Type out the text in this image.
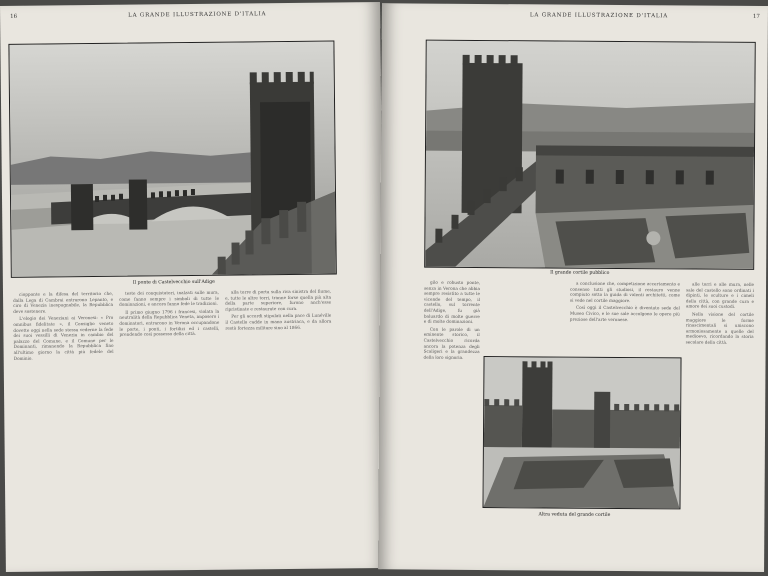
16	LA GRANDE ILLUSTRAZIONE D'ITALIA
Il ponte di Castelvecchio sull'Adige

ciopponte e la difesa del territorio che, dalla Lega di Cambrai entrarono Lepanto, e ciro di Venezia inespugnabile, la Repubblica deve sostenere.

L'elogio dei Veneziani ai Veronesi: « Pro omnibus fidelitate », il Consiglio veneto dovette oggi nella sede stessa vederne la fede dei suoi vessilli di Venezia in cambio del palazzo del Comune, e il Comune per le Dominanti, rimanendo la Repubblica fino all'ultimo giorno la città più fedele del Dominio.

teste dei conquistatori, inalzati sulle mura, come fanno sempre i simboli di tutte le dominazioni, e ancora fanno fede le tradizioni.

Il primo giugno 1796 i francesi, violata la neutralità della Repubblica Veneta, imposero i dominatori, entrarono in Verona occupandone le porte, i ponti, i fortilizi ed i castelli, prendendo così possesso della città.

alla torre di porta sulla riva sinistra del fiume, e, tutte le altre torri, tranne forse quella più alta della parte superiore, furono anch'esse ripristinate e restaurate con cura.

Per gli accordi stipulati nella pace di Lunéville il Castello cadde in mano austriaca, e da allora restò fortezza militare sino al 1866.

LA GRANDE ILLUSTRAZIONE D'ITALIA	17
Il grande cortile pubblico

gilo e robusto ponte, senza in Verona che abbia sempre resistito a tutte le vicende del tempo, il castello, sul torrente dell'Adige, fu già baluardo di molte guerre e di molte dominazioni.

Con le parole di un eminente storico, il Castelvecchio ricorda ancora la potenza degli Scaligeri e la grandezza della loro signoria.

a conclusione che, competizione accertamento e consenso tutti gli studiosi, il restauro venne compiuto sotto la guida di valenti architetti, come si vede nel cortile maggiore.

Così oggi il Castelvecchio è diventato sede del Museo Civico, e le sue sale accolgono le opere più preziose dell'arte veronese.

alle torri e alle mura, nelle sale del castello sono ordinati i dipinti, le sculture e i cimeli della città, con grande cura e amore dei suoi custodi.

Nella visione del cortile maggiore le forme rinascimentali si uniscono armoniosamente a quelle del medioevo, ricordando la storia secolare della città.

Altra veduta del grande cortile
